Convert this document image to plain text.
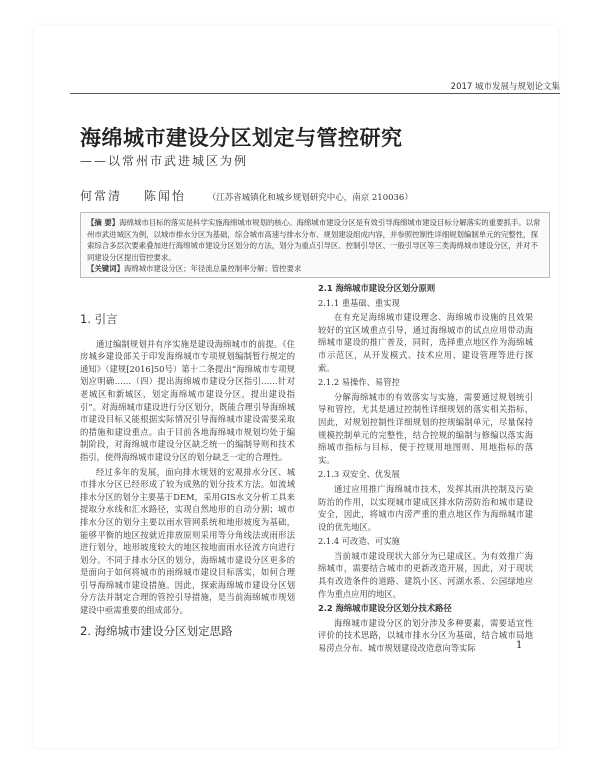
2017 城市发展与规划论文集
海绵城市建设分区划定与管控研究
——以常州市武进城区为例
何常清 陈闻怡	（江苏省城镇化和城乡规划研究中心，南京 210036）
【摘 要】海绵城市目标的落实是科学实施海绵城市规划的核心。海绵城市建设分区是有效引导海绵城市建设目标分解落实的重要抓手。以常州市武进城区为例，以城市排水分区为基础，综合城市高速与排水分布、规划建设组成内容，并参照控制性详细规划编制单元的完整性，探索综合多层次要素叠加进行海绵城市建设分区划分的方法，划分为重点引导区、控制引导区、一般引导区等三类海绵城市建设分区，并对不同建设分区提出管控要求。
【关键词】海绵城市建设分区；年径流总量控制率分解；管控要求
1. 引言

通过编制规划并有序实施是建设海绵城市的前提。《住房城乡建设部关于印发海绵城市专项规划编制暂行规定的通知》（建规[2016]50号）第十二条提出“海绵城市专项规划应明确……（四）提出海绵城市建设分区指引……针对老城区和新城区，划定海绵城市建设分区，提出建设指引”。对海绵城市建设进行分区划分，既能合理引导海绵城市建设目标又能根据实际情况引导海绵城市建设需要采取的措施和建设重点。由于目前各地海绵城市规划均处于编制阶段，对海绵城市建设分区缺乏统一的编制导则和技术指引，使得海绵城市建设分区的划分缺乏一定的合理性。

经过多年的发展，面向排水规划的宏观排水分区、城市排水分区已经形成了较为成熟的划分技术方法。如流域排水分区的划分主要基于DEM，采用GIS水文分析工具来提取分水线和汇水路径，实现自然地形的自动分割；城市排水分区的划分主要以雨水管网系统和地形坡度为基础，能够平衡的地区按就近排放原则采用等分角线法或雨形法进行划分，地形坡度较大的地区按地面雨水径流方向进行划分。不同于排水分区的划分，海绵城市建设分区更多的是面向于如何将城市的雨绵城市建设目标落实，如何合理引导海绵城市建设措施。因此，探索海绵城市建设分区划分方法并制定合理的管控引导措施，是当前海绵城市规划建设中亟需重要的组成部分。

2. 海绵城市建设分区划定思路
2.1 海绵城市建设分区划分原则
2.1.1 重基础、重实现

在有充足海绵城市建设理念、海绵城市设施的且效果较好的宜区域重点引导，通过海绵城市的试点应用带动海绵城市建设的推广普及，同时，选择重点地区作为海绵城市示范区，从开发模式、技术应用、建设管理等进行探索。

2.1.2 易操作、易管控

分解海绵城市的有效落实与实施，需要通过规划统引导和管控，尤其是通过控制性详细规划的落实相关指标，因此，对规划控制性详细规划的控规编制单元，尽量保持规模控制单元的完整性，结合控规的编制与修编以落实海绵城市指标与目标，便于控规用地图则、用地指标的落实。

2.1.3 双安全、优发展

通过应用推广海绵城市技术，发挥其雨洪控制及污染防治的作用，以实现城市建成区排水防涝防治和城市建设安全，因此，将城市内涝严重的重点地区作为海绵城市建设的优先地区。

2.1.4 可改造、可实施

当前城市建设现状大部分为已建成区。为有效推广海绵城市，需要结合城市的更新改造开展，因此，对于现状具有改造条件的道路、建筑小区、河湖水系、公园绿地应作为重点应用的地区。

2.2 海绵城市建设分区划分技术路径

海绵城市建设分区的划分涉及多种要素，需要适宜性评价的技术思路，以城市排水分区为基础，结合城市局地易涝点分布、城市规划建设改造意向等实际	1
